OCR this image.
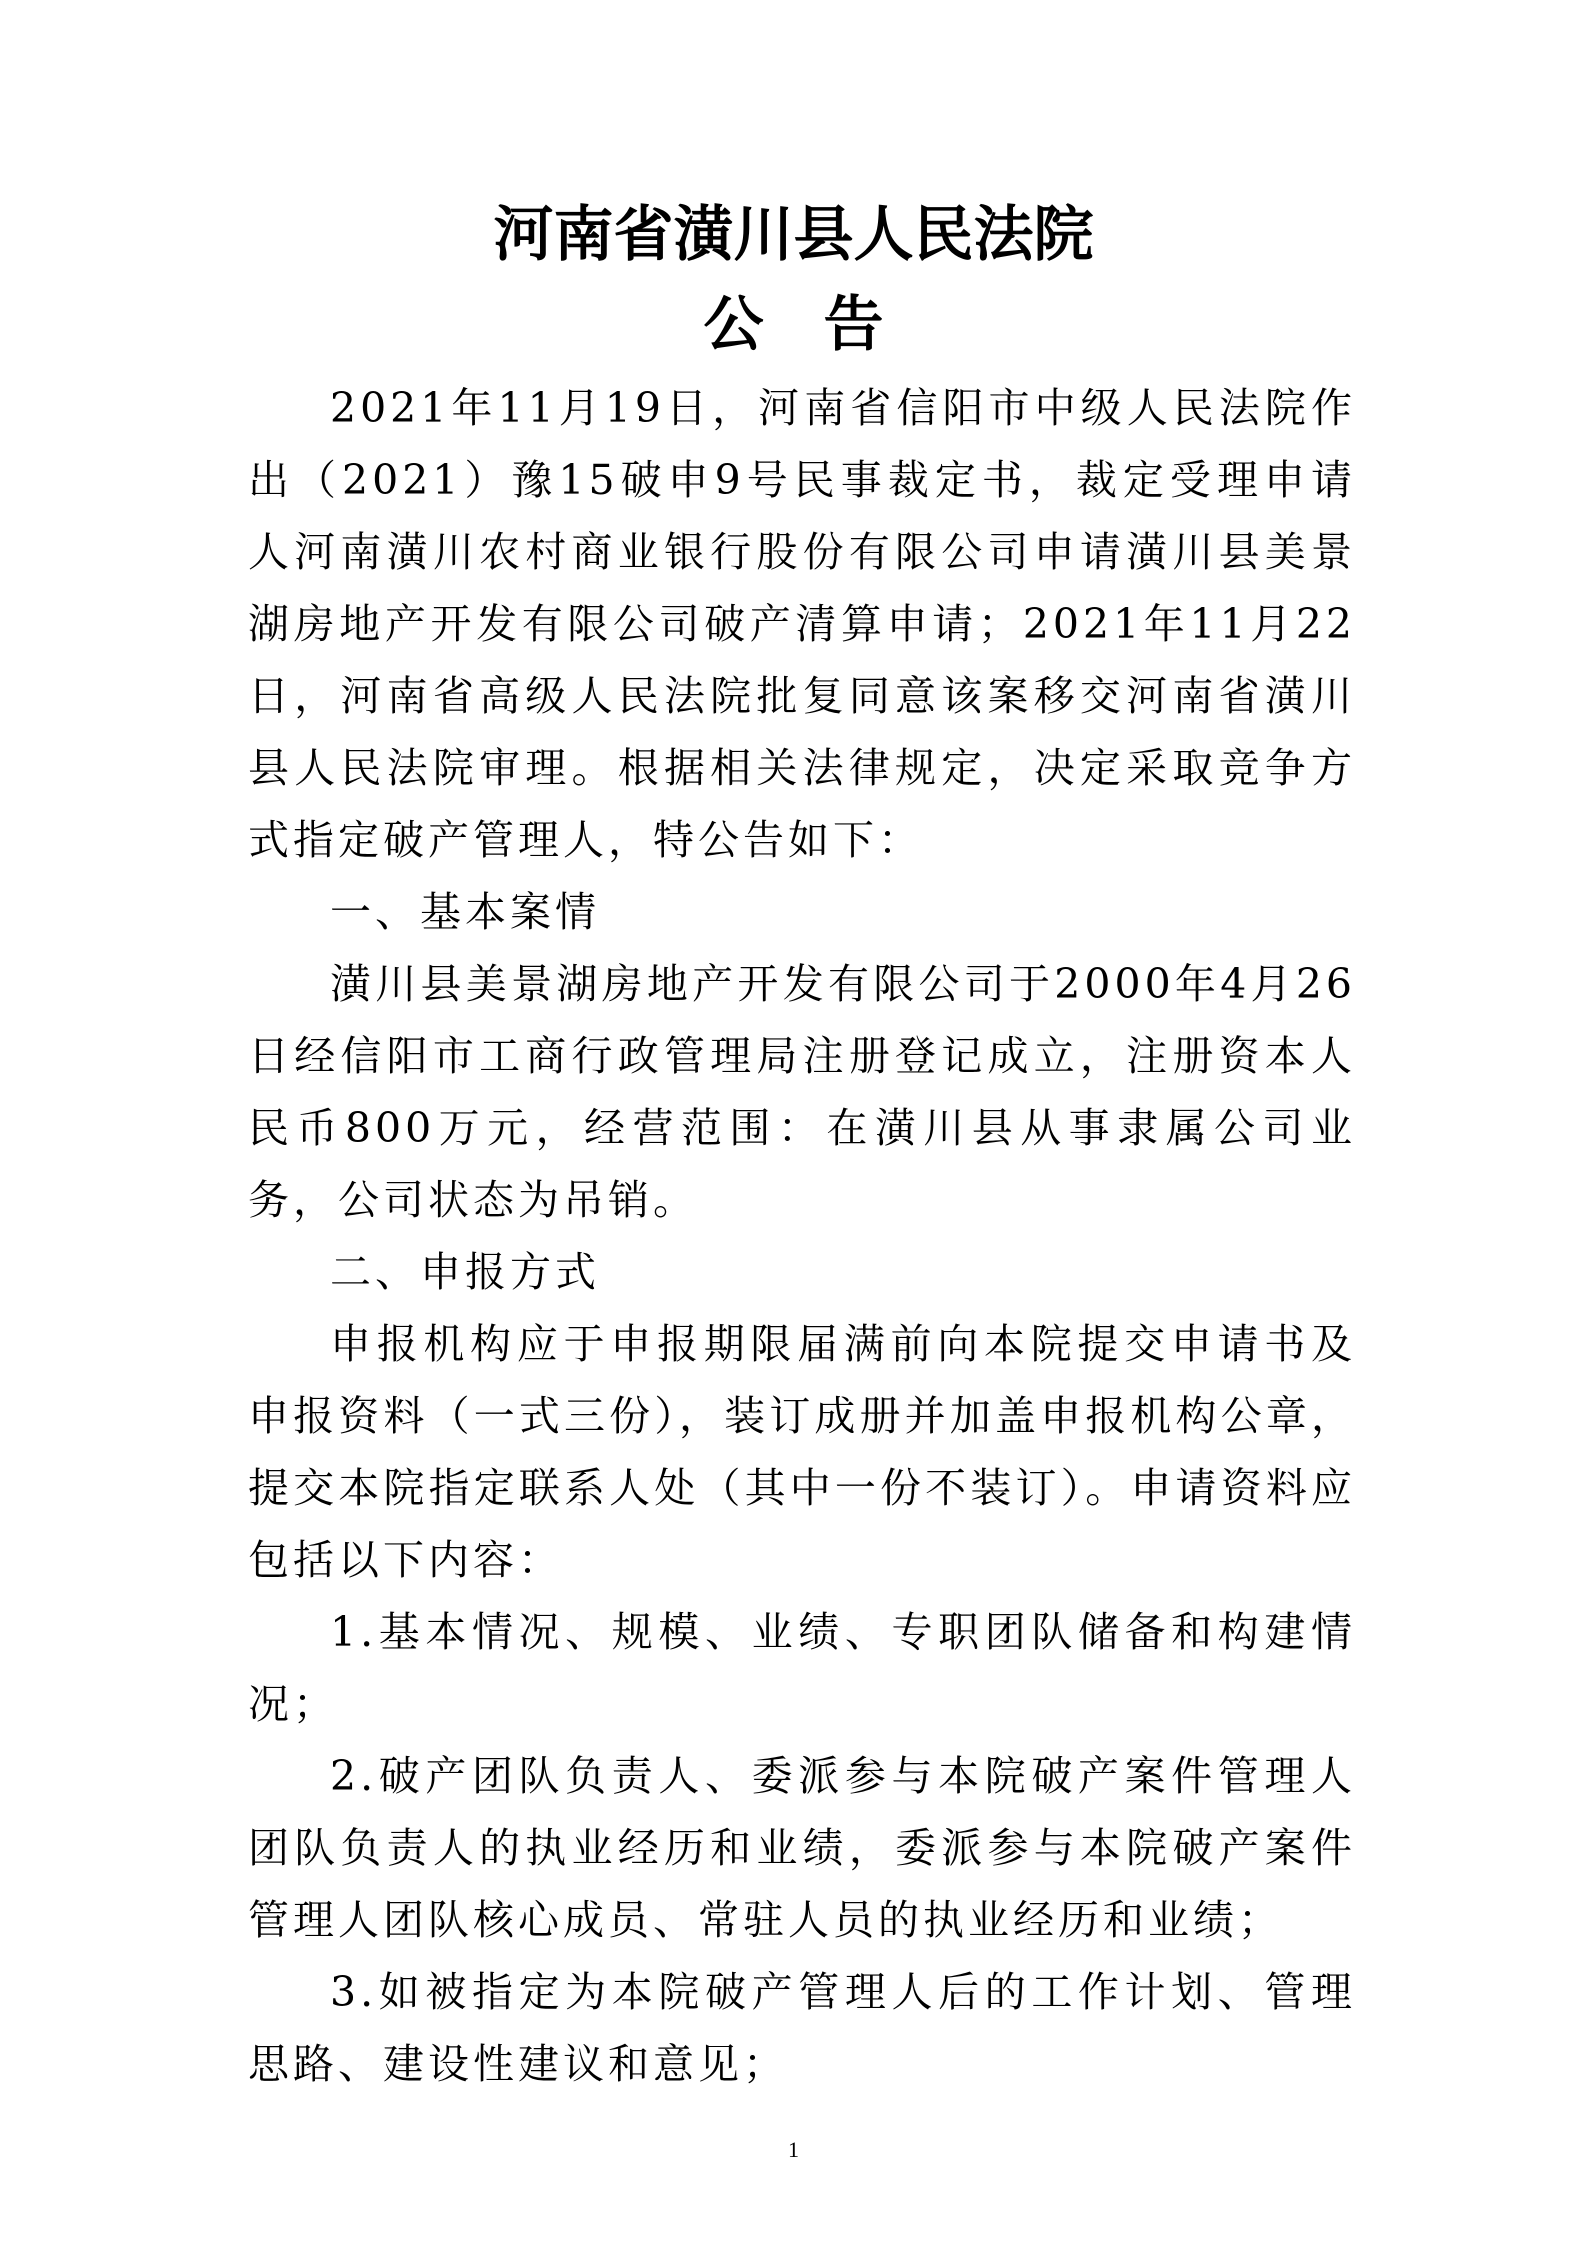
河南省潢川县人民法院
公告

2021年11月19日，河南省信阳市中级人民法院作出（2021）豫15破申9号民事裁定书，裁定受理申请人河南潢川农村商业银行股份有限公司申请潢川县美景湖房地产开发有限公司破产清算申请；2021年11月22日，河南省高级人民法院批复同意该案移交河南省潢川县人民法院审理。根据相关法律规定，决定采取竞争方式指定破产管理人，特公告如下：

一、基本案情

潢川县美景湖房地产开发有限公司于2000年4月26日经信阳市工商行政管理局注册登记成立，注册资本人民币800万元，经营范围：在潢川县从事隶属公司业务，公司状态为吊销。

二、申报方式

申报机构应于申报期限届满前向本院提交申请书及申报资料（一式三份），装订成册并加盖申报机构公章，提交本院指定联系人处（其中一份不装订）。申请资料应包括以下内容：

1.基本情况、规模、业绩、专职团队储备和构建情况；

2.破产团队负责人、委派参与本院破产案件管理人团队负责人的执业经历和业绩，委派参与本院破产案件管理人团队核心成员、常驻人员的执业经历和业绩；

3.如被指定为本院破产管理人后的工作计划、管理思路、建设性建议和意见；

1
